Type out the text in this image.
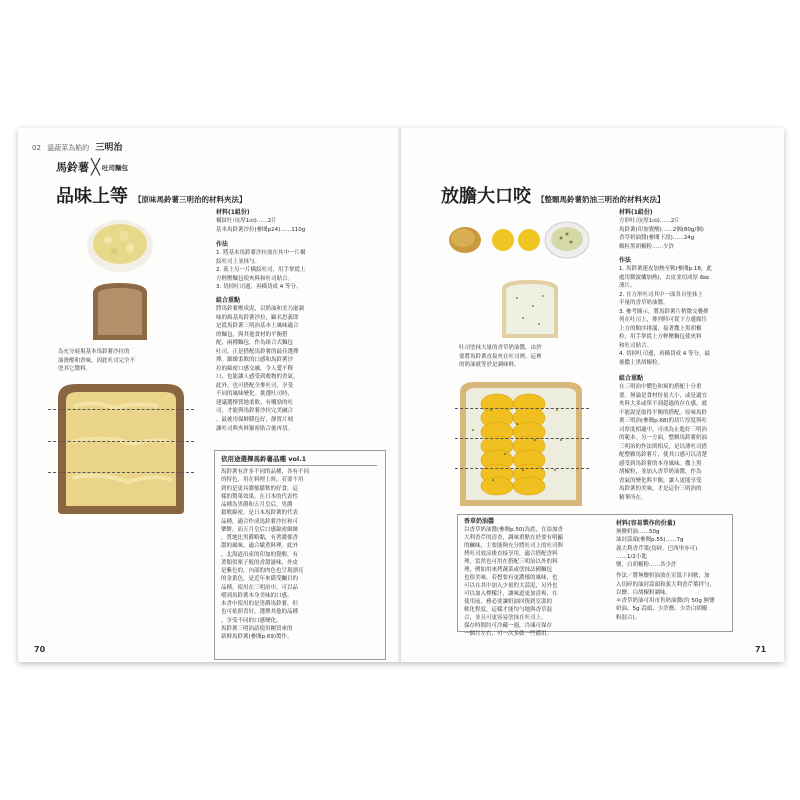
02 溫蔬菜為餡的 三明治
馬鈴薯 ╳ 吐司麵包
品味上等 【原味馬鈴薯三明治的材料夾法】
為充分展現基本馬鈴薯沙拉的
油滑醇和香味，因此吐司完全不
塗其它醬料。
材料(1組份)
橫紋吐司(厚1㎝)……2片
基本馬鈴薯沙拉(參閱p24)……110g
作法
1. 將基本馬鈴薯沙拉放在其中一片橫
紋吐司上並抹勻。
2. 蓋上另一片橫紋吐司，用手掌從上
方輕壓麵包使夾料和吐司貼合。
3. 切掉吐司邊，再橫切成 4 等分。
組合重點
將馬鈴薯壓成泥，以奶油和美乃滋調
味的級基馬鈴薯沙拉，顧名思義即
是從馬鈴薯三明治基本上風味適合
的麵包，與其他食材的平衡搭
配，兩種麵包，作為組合式麵包
吐司，正是搭配馬鈴薯的最佳選擇
擇。細緻柔軟的口感和馬鈴薯沙
拉的綿密口感交融，令人愛不釋
口，也能讓人感受到穀物的香氣。
此外，也可搭配全麥吐司，享受
不同的風味變化。挑選吐司時，
建議選擇質地柔軟、有嚼勁的吐
司，才能與馬鈴薯沙拉完美融合
。最後用保鮮膜包好，靜置片刻
讓吐司與夾料緊密貼合後再切。
依用途選擇馬鈴薯品種 vol.1
馬鈴薯有許多不同的品種，各有不同
的特色，用在料理上時，若要不用
到的是更具濃郁鬆軟的好食，這
樣的製菓效果，在日本的代表性
品種為男爵和五月皇后，男爵
鬆軟綿密，是日本馬鈴薯的代表
品種，適合作成馬鈴薯沙拉和可
樂餅，而五月皇后口感綿密細緻
，質地比男爵略黏，有著濃郁香
甜的風味，適合燉煮料理。此外
，北海道出產的印加的覺醒，有
著類似栗子般的香甜滋味，外皮
是紫色的，內部的肉色也呈現漂亮
的金黃色，是近年來備受矚目的
品種，使用在三明治中，可以品
嚐到馬鈴薯本身美味的口感。
本書中使用的是男爵馬鈴薯，但
也可依照喜好，選擇其他的品種
，享受不同的口感變化。
馬鈴薯三明治請使用剛買來的
新鮮馬鈴薯(參閱p.69)製作。
70
放膽大口咬 【整顆馬鈴薯奶油三明治的材料夾法】
吐司塗抹大量的香草奶油醬，由於
要將馬鈴薯直接夾在吐司裡，這裡
的奶油就等於是調味料。
材料(1組份)
方形吐司(厚1㎝)……2片
馬鈴薯(印加覺醒)……2個(80g/個)
香草奶油醬(參閱下段)……24g
顆粒黑胡椒粉……少許
作法
1. 馬鈴薯連皮加熱至軟(參閱p.18，此
處用微波爐加熱)，去皮並切成厚 6㎜
薄片。
2. 在方形吐司其中一面各自塗抹上
半量的香草奶油醬。
3. 參考圖示，將馬鈴薯片稍微交疊排
列在吐司上，排列時可從下方邊緣往
上方的順序排滿，接著撒上黑胡椒
粒，用手掌從上方輕壓麵包使夾料
和吐司貼合。
4. 切掉吐司邊，再橫切成 4 等分，最
後撒上黑胡椒粒。
組合重點
在三明治中體色和爽的搭配十分重
要。無論是食材份量大小，或是適宜
夾料大多或單不到超過的存在感，就
不能說是取得平衡的搭配。原味馬鈴
薯三明治(參閱p.68)的切片厚度與吐
司厚度相適中，可成為止匙好三明治
的範本。另一方面，整顆馬鈴薯奶油
三明治的作法則相反，是以薄吐司搭
配整顆馬鈴薯片，使其口感可以清楚
感受到馬鈴薯的本身風味。撒上黑
胡椒粒，並加入香草奶油醬，作為
香氣的變化與平衡，讓人更能享受
馬鈴薯的美味，才是這份三明治的
精華所在。
香草奶油醬
以香草奶油醬(參閱p.50)為底，在添加香
大利香芹的清香，調味重點在於要有明顯
的鹹味，主要能夠充分將吐司上的吐司與
烤吐司放涼後直接享用，適合搭配香料
理。當然也可用在搭配三明治以外的料
理，例如用來烤蔬菜或塗抹法國麵包
也很美味。若想要有更濃郁的風味，也
可以在其中加入少量的大蒜泥，另外也
可以加入檸檬汁，讓味道更加清爽，在
使用前，務必要讓奶油回復到室溫的
軟化程度，這樣才能均勻地與香草混
合，並且可更容易塗抹在吐司上。
保存時間約可冷藏一週，冷凍可保存
一個月左右，可一次多做一些備用。
材料(容易製作的份量)
無鹽奶油……50g
油封蒜頭(參閱p.55)……7g
義大利香芹葉(切碎，巴西里亦可)
……1/2小匙
鹽，白胡椒粉……各少許
作法／將無鹽奶油放在室溫下回軟，加
入切碎的油封蒜頭和義大利香芹葉拌勻，
以鹽、白胡椒粉調味。
＊香草奶油可用市售奶油醬(約 50g 無鹽
奶油、5g 蒜頭、少許鹽、少許白胡椒
粉混合)。
71
